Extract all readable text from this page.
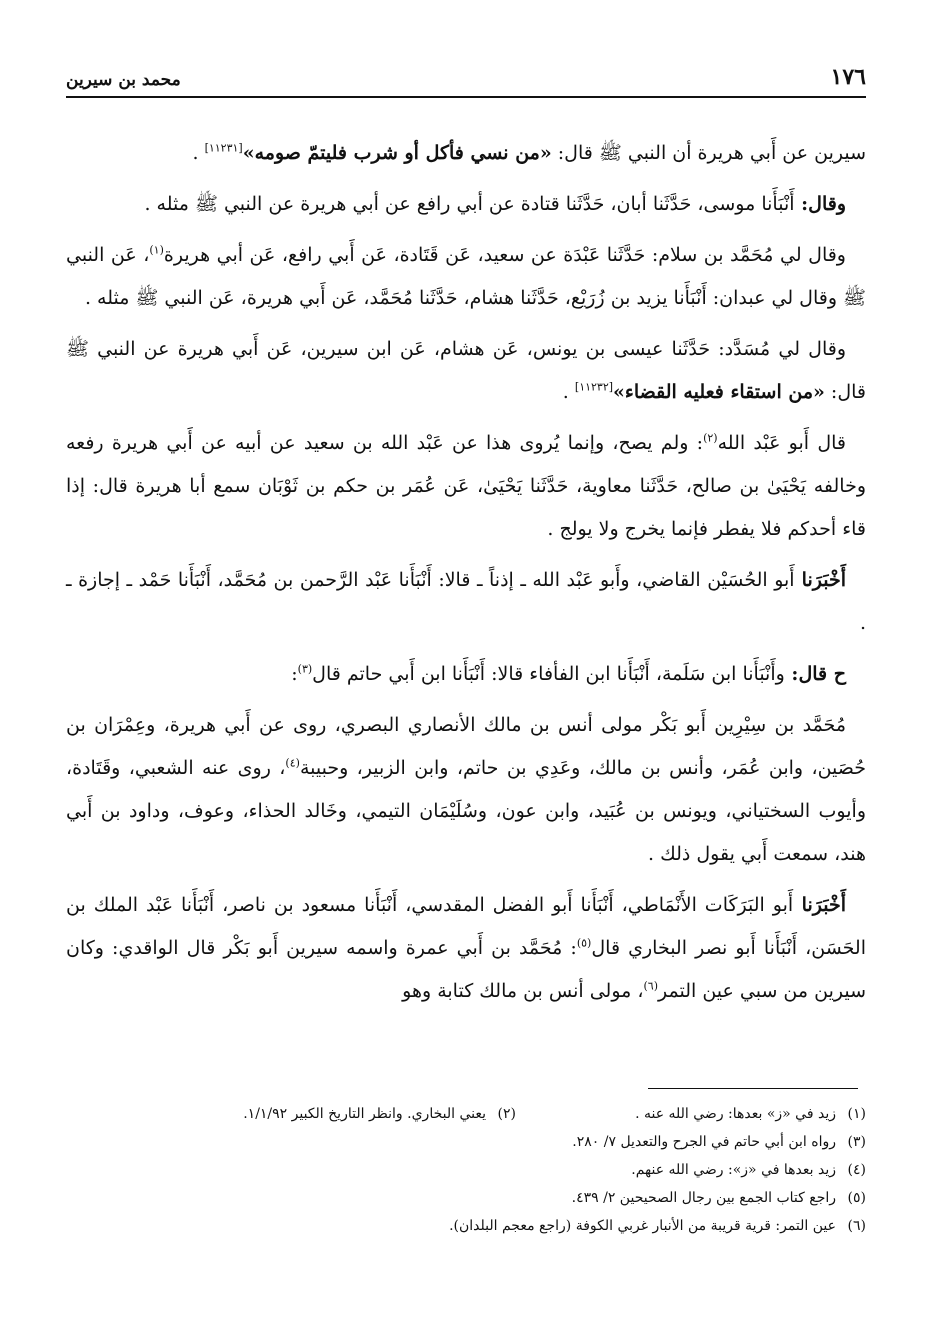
١٧٦
محمد بن سيرين

سيرين عن أَبي هريرة أن النبي ﷺ قال: «من نسي فأكل أو شرب فليتمّ صومه»[١١٢٣١] .

وقال: أَنْبَأَنا موسى، حَدَّثَنا أبان، حَدَّثَنا قتادة عن أبي رافع عن أبي هريرة عن النبي ﷺ مثله .

وقال لي مُحَمَّد بن سلام: حَدَّثَنا عَبْدَة عن سعيد، عَن قَتَادة، عَن أَبي رافع، عَن أبي هريرة$^{(١)}$، عَن النبي ﷺ وقال لي عبدان: أَنْبَأَنا يزيد بن زُرَيْع، حَدَّثَنا هشام، حَدَّثَنا مُحَمَّد، عَن أَبي هريرة، عَن النبي ﷺ مثله .

وقال لي مُسَدَّد: حَدَّثَنا عيسى بن يونس، عَن هشام، عَن ابن سيرين، عَن أَبي هريرة عن النبي ﷺ قال: «من استقاء فعليه القضاء»[١١٢٣٢] .

قال أَبو عَبْد الله$^{(٢)}$: ولم يصح، وإنما يُروى هذا عن عَبْد الله بن سعيد عن أبيه عن أَبي هريرة رفعه وخالفه يَحْيَىٰ بن صالح، حَدَّثَنا معاوية، حَدَّثَنا يَحْيَىٰ، عَن عُمَر بن حكم بن ثَوْبَان سمع أبا هريرة قال: إذا قاء أحدكم فلا يفطر فإنما يخرج ولا يولج .

أَخْبَرَنا أَبو الحُسَيْن القاضي، وأَبو عَبْد الله ـ إذناً ـ قالا: أَنْبَأَنا عَبْد الرَّحمن بن مُحَمَّد، أَنْبَأَنا حَمْد ـ إجازة ـ .

ح قال: وأَنْبَأَنا ابن سَلَمة، أَنْبَأَنا ابن الفأفاء قالا: أَنْبَأَنا ابن أَبي حاتم قال$^{(٣)}$:

مُحَمَّد بن سِيْرِين أَبو بَكْر مولى أنس بن مالك الأنصاري البصري، روى عن أَبي هريرة، وعِمْرَان بن حُصَين، وابن عُمَر، وأنس بن مالك، وعَدِي بن حاتم، وابن الزبير، وحبيبة$^{(٤)}$، روى عنه الشعبي، وقَتَادة، وأيوب السختياني، ويونس بن عُبَيد، وابن عون، وسُلَيْمَان التيمي، وخَالد الحذاء، وعوف، وداود بن أَبي هند، سمعت أَبي يقول ذلك .

أَخْبَرَنا أَبو البَرَكَات الأَنْمَاطي، أَنْبَأَنا أَبو الفضل المقدسي، أَنْبَأَنا مسعود بن ناصر، أَنْبَأَنا عَبْد الملك بن الحَسَن، أَنْبَأَنا أَبو نصر البخاري قال$^{(٥)}$: مُحَمَّد بن أَبي عمرة واسمه سيرين أَبو بَكْر قال الواقدي: وكان سيرين من سبي عين التمر$^{(٦)}$، مولى أنس بن مالك كتابة وهو

(١)
زيد في «ز» بعدها: رضي الله عنه .
(٢)
يعني البخاري. وانظر التاريخ الكبير ١/١/٩٢.
(٣)
رواه ابن أبي حاتم في الجرح والتعديل ٧/ ٢٨٠.
(٤)
زيد بعدها في «ز»: رضي الله عنهم.
(٥)
راجع كتاب الجمع بين رجال الصحيحين ٢/ ٤٣٩.
(٦)
عين التمر: قرية قريبة من الأنبار غربي الكوفة (راجع معجم البلدان).
